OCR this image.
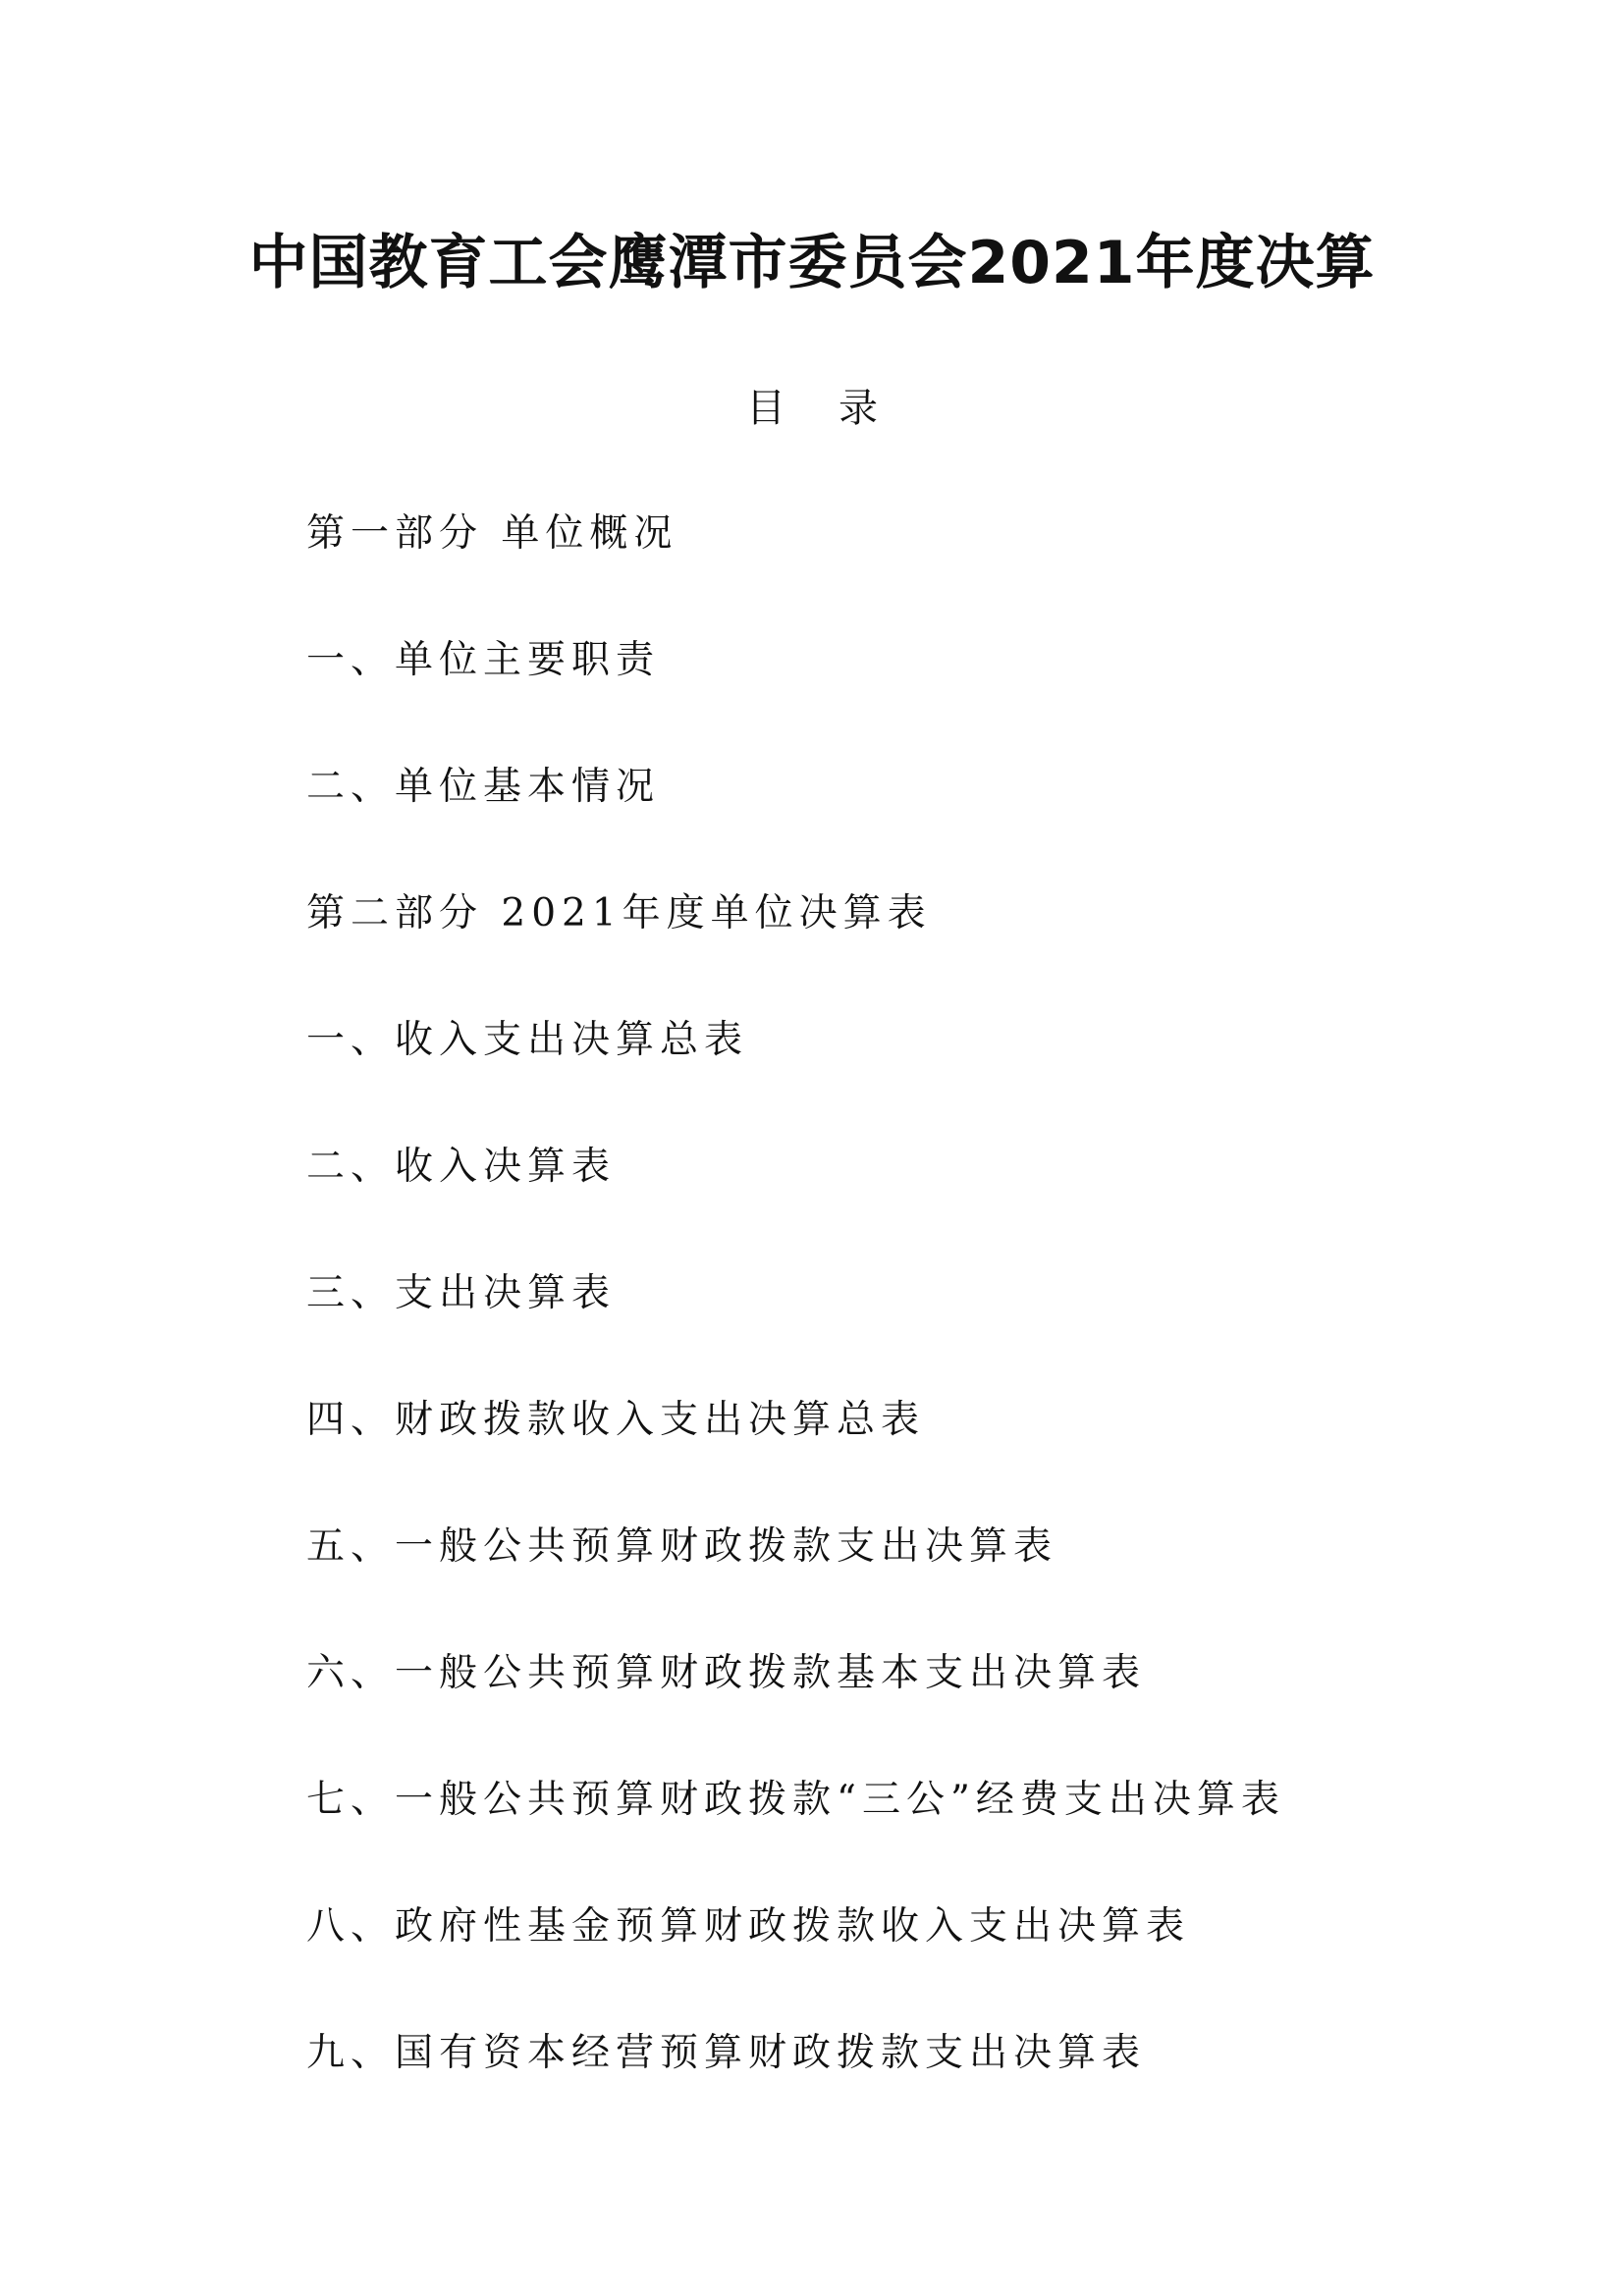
中国教育工会鹰潭市委员会2021年度决算
目录
第一部分 单位概况
一、单位主要职责
二、单位基本情况
第二部分 2021年度单位决算表
一、收入支出决算总表
二、收入决算表
三、支出决算表
四、财政拨款收入支出决算总表
五、一般公共预算财政拨款支出决算表
六、一般公共预算财政拨款基本支出决算表
七、一般公共预算财政拨款“三公”经费支出决算表
八、政府性基金预算财政拨款收入支出决算表
九、国有资本经营预算财政拨款支出决算表
